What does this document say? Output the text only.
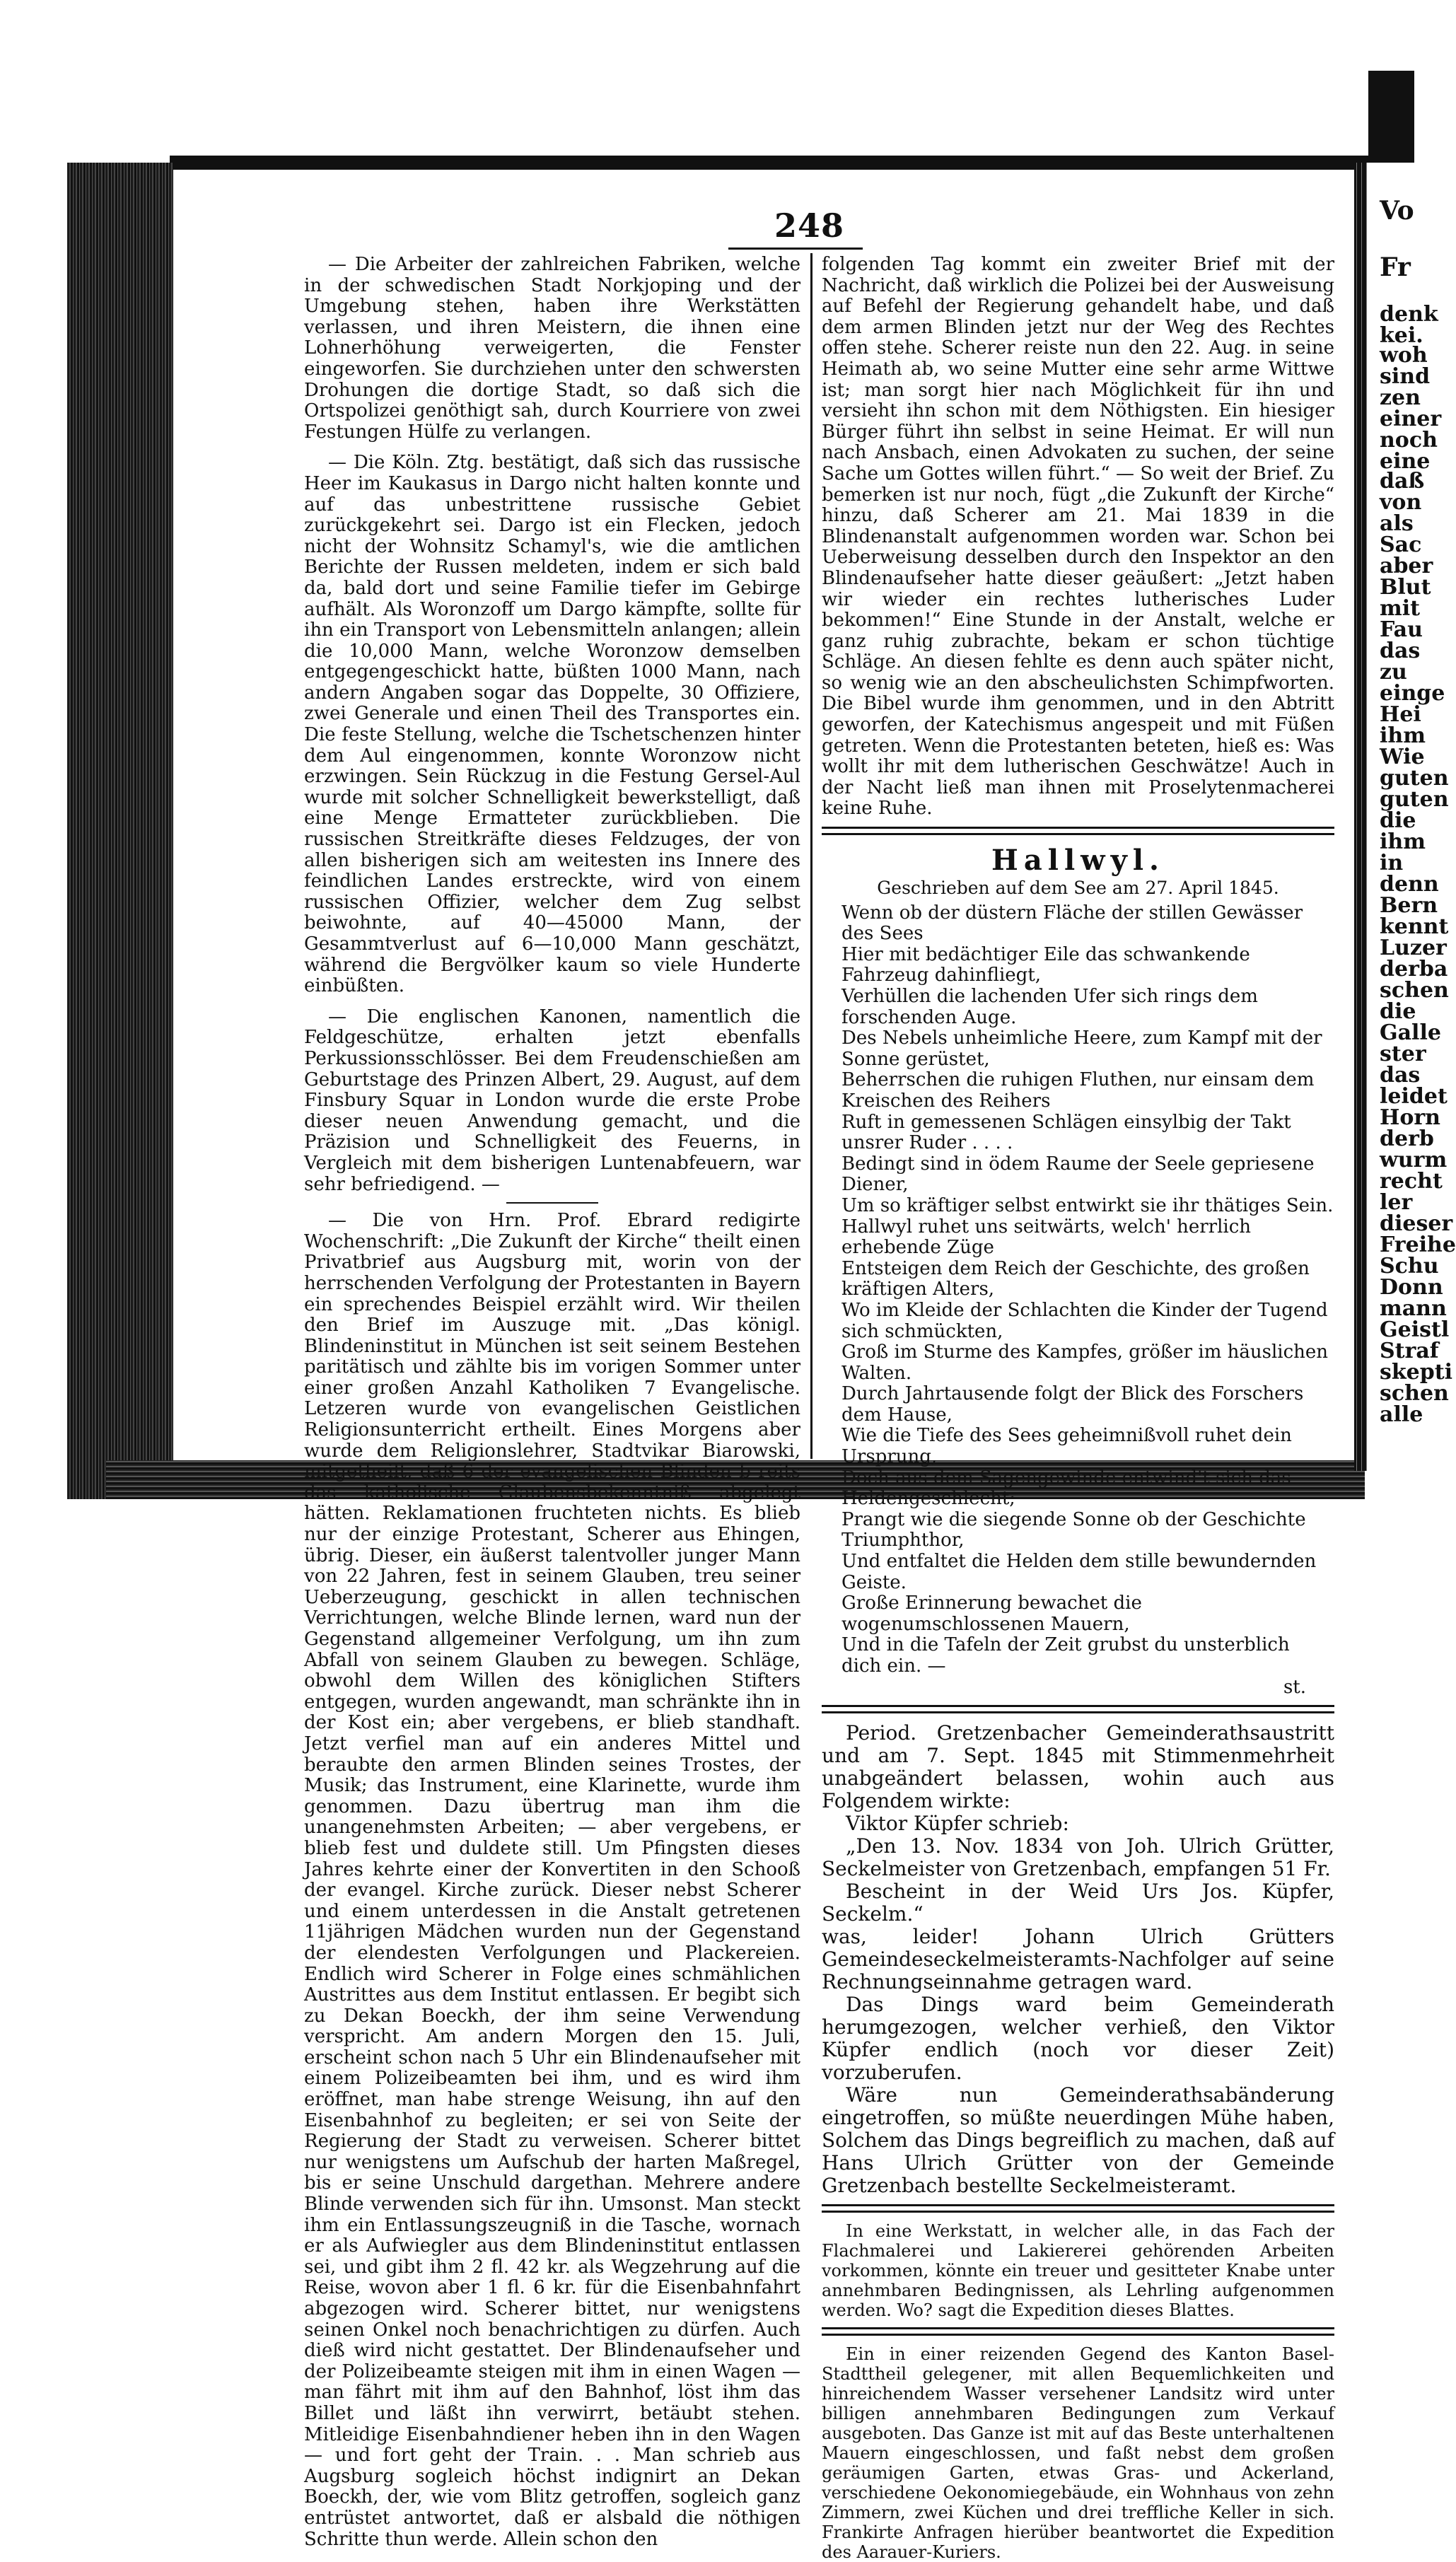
Vo
Fr
denk
kei.
woh
sind
zen
einer
noch
eine
daß
von
als
Sac
aber
Blut
mit
Fau
das
zu
einge
Hei
ihm
Wie
guten
guten
die
ihm
in
denn
Bern
kennt
Luzer
derba
schen
die
Galle
ster
das
leidet
Horn
derb
wurm
recht
ler
dieser
Freihe
Schu
Donn
mann
Geistl
Straf
skepti
schen
alle
248

— Die Arbeiter der zahlreichen Fabriken, welche in der schwedischen Stadt Norkjoping und der Umgebung stehen, haben ihre Werkstätten verlassen, und ihren Meistern, die ihnen eine Lohnerhöhung verweigerten, die Fenster eingeworfen. Sie durchziehen unter den schwersten Drohungen die dortige Stadt, so daß sich die Ortspolizei genöthigt sah, durch Kourriere von zwei Festungen Hülfe zu verlangen.

— Die Köln. Ztg. bestätigt, daß sich das russische Heer im Kaukasus in Dargo nicht halten konnte und auf das unbestrittene russische Gebiet zurückgekehrt sei. Dargo ist ein Flecken, jedoch nicht der Wohnsitz Schamyl's, wie die amtlichen Berichte der Russen meldeten, indem er sich bald da, bald dort und seine Familie tiefer im Gebirge aufhält. Als Woronzoff um Dargo kämpfte, sollte für ihn ein Transport von Lebensmitteln anlangen; allein die 10,000 Mann, welche Woronzow demselben entgegengeschickt hatte, büßten 1000 Mann, nach andern Angaben sogar das Doppelte, 30 Offiziere, zwei Generale und einen Theil des Transportes ein. Die feste Stellung, welche die Tschetschenzen hinter dem Aul eingenommen, konnte Woronzow nicht erzwingen. Sein Rückzug in die Festung Gersel-Aul wurde mit solcher Schnelligkeit bewerkstelligt, daß eine Menge Ermatteter zurückblieben. Die russischen Streitkräfte dieses Feldzuges, der von allen bisherigen sich am weitesten ins Innere des feindlichen Landes erstreckte, wird von einem russischen Offizier, welcher dem Zug selbst beiwohnte, auf 40—45000 Mann, der Gesammtverlust auf 6—10,000 Mann geschätzt, während die Bergvölker kaum so viele Hunderte einbüßten.

— Die englischen Kanonen, namentlich die Feldgeschütze, erhalten jetzt ebenfalls Perkussionsschlösser. Bei dem Freudenschießen am Geburtstage des Prinzen Albert, 29. August, auf dem Finsbury Squar in London wurde die erste Probe dieser neuen Anwendung gemacht, und die Präzision und Schnelligkeit des Feuerns, in Vergleich mit dem bisherigen Luntenabfeuern, war sehr befriedigend. —

— Die von Hrn. Prof. Ebrard redigirte Wochenschrift: „Die Zukunft der Kirche“ theilt einen Privatbrief aus Augsburg mit, worin von der herrschenden Verfolgung der Protestanten in Bayern ein sprechendes Beispiel erzählt wird. Wir theilen den Brief im Auszuge mit. „Das königl. Blindeninstitut in München ist seit seinem Bestehen paritätisch und zählte bis im vorigen Sommer unter einer großen Anzahl Katholiken 7 Evangelische. Letzeren wurde von evangelischen Geistlichen Religionsunterricht ertheilt. Eines Morgens aber wurde dem Religionslehrer, Stadtvikar Biarowski, mitgetheilt, daß 6 der evangelischen Blinden b reits das katholische Glaubensbekenntniß abgelegt hätten. Reklamationen fruchteten nichts. Es blieb nur der einzige Protestant, Scherer aus Ehingen, übrig. Dieser, ein äußerst talentvoller junger Mann von 22 Jahren, fest in seinem Glauben, treu seiner Ueberzeugung, geschickt in allen technischen Verrichtungen, welche Blinde lernen, ward nun der Gegenstand allgemeiner Verfolgung, um ihn zum Abfall von seinem Glauben zu bewegen. Schläge, obwohl dem Willen des königlichen Stifters entgegen, wurden angewandt, man schränkte ihn in der Kost ein; aber vergebens, er blieb standhaft. Jetzt verfiel man auf ein anderes Mittel und beraubte den armen Blinden seines Trostes, der Musik; das Instrument, eine Klarinette, wurde ihm genommen. Dazu übertrug man ihm die unangenehmsten Arbeiten; — aber vergebens, er blieb fest und duldete still. Um Pfingsten dieses Jahres kehrte einer der Konvertiten in den Schooß der evangel. Kirche zurück. Dieser nebst Scherer und einem unterdessen in die Anstalt getretenen 11jährigen Mädchen wurden nun der Gegenstand der elendesten Verfolgungen und Plackereien. Endlich wird Scherer in Folge eines schmählichen Austrittes aus dem Institut entlassen. Er begibt sich zu Dekan Boeckh, der ihm seine Verwendung verspricht. Am andern Morgen den 15. Juli, erscheint schon nach 5 Uhr ein Blindenaufseher mit einem Polizeibeamten bei ihm, und es wird ihm eröffnet, man habe strenge Weisung, ihn auf den Eisenbahnhof zu begleiten; er sei von Seite der Regierung der Stadt zu verweisen. Scherer bittet nur wenigstens um Aufschub der harten Maßregel, bis er seine Unschuld dargethan. Mehrere andere Blinde verwenden sich für ihn. Umsonst. Man steckt ihm ein Entlassungszeugniß in die Tasche, wornach er als Aufwiegler aus dem Blindeninstitut entlassen sei, und gibt ihm 2 fl. 42 kr. als Wegzehrung auf die Reise, wovon aber 1 fl. 6 kr. für die Eisenbahnfahrt abgezogen wird. Scherer bittet, nur wenigstens seinen Onkel noch benachrichtigen zu dürfen. Auch dieß wird nicht gestattet. Der Blindenaufseher und der Polizeibeamte steigen mit ihm in einen Wagen — man fährt mit ihm auf den Bahnhof, löst ihm das Billet und läßt ihn verwirrt, betäubt stehen. Mitleidige Eisenbahndiener heben ihn in den Wagen — und fort geht der Train. . . Man schrieb aus Augsburg sogleich höchst indignirt an Dekan Boeckh, der, wie vom Blitz getroffen, sogleich ganz entrüstet antwortet, daß er alsbald die nöthigen Schritte thun werde. Allein schon den

folgenden Tag kommt ein zweiter Brief mit der Nachricht, daß wirklich die Polizei bei der Ausweisung auf Befehl der Regierung gehandelt habe, und daß dem armen Blinden jetzt nur der Weg des Rechtes offen stehe. Scherer reiste nun den 22. Aug. in seine Heimath ab, wo seine Mutter eine sehr arme Wittwe ist; man sorgt hier nach Möglichkeit für ihn und versieht ihn schon mit dem Nöthigsten. Ein hiesiger Bürger führt ihn selbst in seine Heimat. Er will nun nach Ansbach, einen Advokaten zu suchen, der seine Sache um Gottes willen führt.“ — So weit der Brief. Zu bemerken ist nur noch, fügt „die Zukunft der Kirche“ hinzu, daß Scherer am 21. Mai 1839 in die Blindenanstalt aufgenommen worden war. Schon bei Ueberweisung desselben durch den Inspektor an den Blindenaufseher hatte dieser geäußert: „Jetzt haben wir wieder ein rechtes lutherisches Luder bekommen!“ Eine Stunde in der Anstalt, welche er ganz ruhig zubrachte, bekam er schon tüchtige Schläge. An diesen fehlte es denn auch später nicht, so wenig wie an den abscheulichsten Schimpfworten. Die Bibel wurde ihm genommen, und in den Abtritt geworfen, der Katechismus angespeit und mit Füßen getreten. Wenn die Protestanten beteten, hieß es: Was wollt ihr mit dem lutherischen Geschwätze! Auch in der Nacht ließ man ihnen mit Proselytenmacherei keine Ruhe.

Hallwyl.
Geschrieben auf dem See am 27. April 1845.

Wenn ob der düstern Fläche der stillen Gewässer des Sees

Hier mit bedächtiger Eile das schwankende Fahrzeug dahinfliegt,

Verhüllen die lachenden Ufer sich rings dem forschenden Auge.

Des Nebels unheimliche Heere, zum Kampf mit der Sonne gerüstet,

Beherrschen die ruhigen Fluthen, nur einsam dem Kreischen des Reihers

Ruft in gemessenen Schlägen einsylbig der Takt unsrer Ruder . . . .

Bedingt sind in ödem Raume der Seele gepriesene Diener,

Um so kräftiger selbst entwirkt sie ihr thätiges Sein.

Hallwyl ruhet uns seitwärts, welch' herrlich erhebende Züge

Entsteigen dem Reich der Geschichte, des großen kräftigen Alters,

Wo im Kleide der Schlachten die Kinder der Tugend sich schmückten,

Groß im Sturme des Kampfes, größer im häuslichen Walten.

Durch Jahrtausende folgt der Blick des Forschers dem Hause,

Wie die Tiefe des Sees geheimnißvoll ruhet dein Ursprung,

Doch aus dem Sagengewinde entwind't sich das Heldengeschlecht;

Prangt wie die siegende Sonne ob der Geschichte Triumphthor,

Und entfaltet die Helden dem stille bewundernden Geiste.

Große Erinnerung bewachet die wogenumschlossenen Mauern,

Und in die Tafeln der Zeit grubst du unsterblich dich ein. —

st.

Period. Gretzenbacher Gemeinderathsaustritt und am 7. Sept. 1845 mit Stimmenmehrheit unabgeändert belassen, wohin auch aus Folgendem wirkte:

Viktor Küpfer schrieb:

„Den 13. Nov. 1834 von Joh. Ulrich Grütter, Seckelmeister von Gretzenbach, empfangen 51 Fr.

Bescheint in der Weid Urs Jos. Küpfer, Seckelm.“

was, leider! Johann Ulrich Grütters Gemeindeseckelmeisteramts-Nachfolger auf seine Rechnungseinnahme getragen ward.

Das Dings ward beim Gemeinderath herumgezogen, welcher verhieß, den Viktor Küpfer endlich (noch vor dieser Zeit) vorzuberufen.

Wäre nun Gemeinderathsabänderung eingetroffen, so müßte neuerdingen Mühe haben, Solchem das Dings begreiflich zu machen, daß auf Hans Ulrich Grütter von der Gemeinde Gretzenbach bestellte Seckelmeisteramt.

In eine Werkstatt, in welcher alle, in das Fach der Flachmalerei und Lakiererei gehörenden Arbeiten vorkommen, könnte ein treuer und gesitteter Knabe unter annehmbaren Bedingnissen, als Lehrling aufgenommen werden. Wo? sagt die Expedition dieses Blattes.

Ein in einer reizenden Gegend des Kanton Basel-Stadttheil gelegener, mit allen Bequemlichkeiten und hinreichendem Wasser versehener Landsitz wird unter billigen annehmbaren Bedingungen zum Verkauf ausgeboten. Das Ganze ist mit auf das Beste unterhaltenen Mauern eingeschlossen, und faßt nebst dem großen geräumigen Garten, etwas Gras- und Ackerland, verschiedene Oekonomiegebäude, ein Wohnhaus von zehn Zimmern, zwei Küchen und drei treffliche Keller in sich. Frankirte Anfragen hierüber beantwortet die Expedition des Aarauer-Kuriers.
